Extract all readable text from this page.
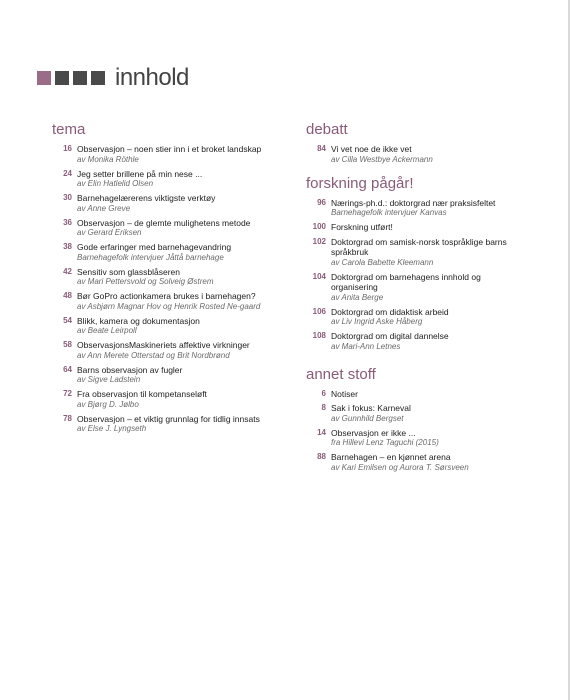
innhold
tema
16 Observasjon – noen stier inn i et broket landskap
av Monika Röthle
24 Jeg setter brillene på min nese ...
av Elin Hatlelid Olsen
30 Barnehagelærerens viktigste verktøy
av Anne Greve
36 Observasjon – de glemte mulighetens metode
av Gerard Eriksen
38 Gode erfaringer med barnehagevandring
Barnehagefolk intervjuer Jåttå barnehage
42 Sensitiv som glassblåseren
av Mari Pettersvold og Solveig Østrem
48 Bør GoPro actionkamera brukes i barnehagen?
av Asbjørn Magnar Hov og Henrik Rosted Ne-gaard
54 Blikk, kamera og dokumentasjon
av Beate Leirpoll
58 ObservasjonsMaskineriets affektive virkninger
av Ann Merete Otterstad og Brit Nordbrønd
64 Barns observasjon av fugler
av Sigve Ladstein
72 Fra observasjon til kompetanseløft
av Bjørg D. Jølbo
78 Observasjon – et viktig grunnlag for tidlig innsats
av Else J. Lyngseth
debatt
84 Vi vet noe de ikke vet
av Cilla Westbye Ackermann
forskning pågår!
96 Nærings-ph.d.: doktorgrad nær praksisfeltet
Barnehagefolk intervjuer Kanvas
100 Forskning utført!
102 Doktorgrad om samisk-norsk tospråklige barns språkbruk
av Carola Babette Kleemann
104 Doktorgrad om barnehagens innhold og organisering
av Anita Berge
106 Doktorgrad om didaktisk arbeid
av Liv Ingrid Aske Håberg
108 Doktorgrad om digital dannelse
av Mari-Ann Letnes
annet stoff
6 Notiser
8 Sak i fokus: Karneval
av Gunnhild Bergset
14 Observasjon er ikke ...
fra Hillevi Lenz Taguchi (2015)
88 Barnehagen – en kjønnet arena
av Kari Emilsen og Aurora T. Sørsveen
